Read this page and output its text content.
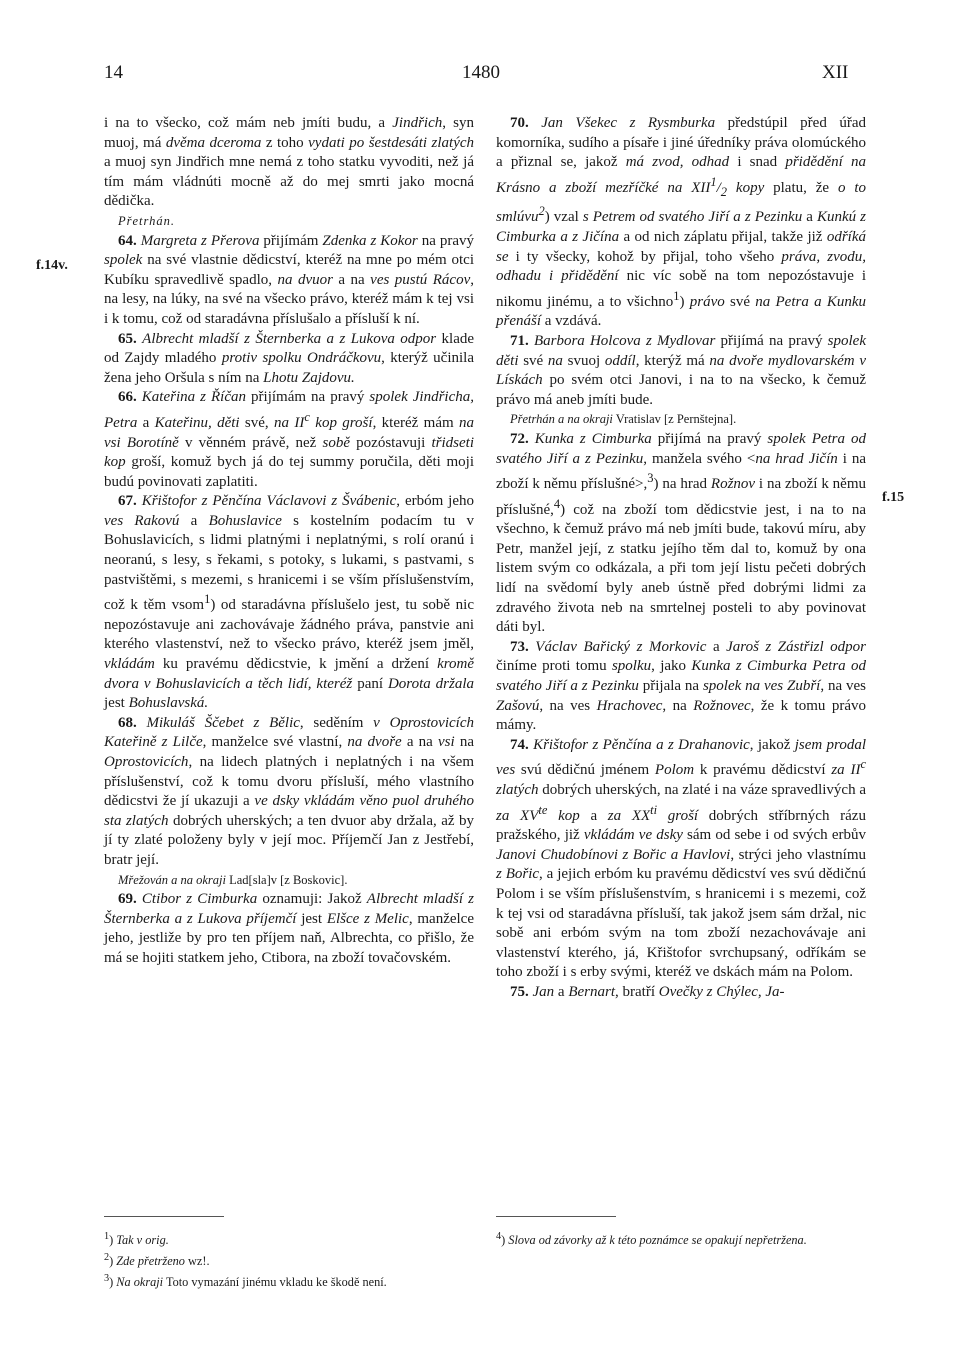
14	1480	XII
f.14v.
f.15

i na to všecko, což mám neb jmíti budu, a Jindřich, syn muoj, má dvěma dceroma z toho vydati po šestdesáti zlatých a muoj syn Jindřich mne nemá z toho statku vyvoditi, než já tím mám vládnúti mocně až do mej smrti jako mocná dědička.

Přetrhán.

64. Margreta z Přerova přijímám Zdenka z Kokor na pravý spolek na své vlastnie dědicství, kteréž na mne po mém otci Kubíku spravedlivě spadlo, na dvuor a na ves pustú Rácov, na lesy, na lúky, na své na všecko právo, kteréž mám k tej vsi i k tomu, což od staradávna příslušalo a přísluší k ní.

65. Albrecht mladší z Šternberka a z Lukova odpor klade od Zajdy mladého protiv spolku Ondráčkovu, kterýž učinila žena jeho Oršula s ním na Lhotu Zajdovu.

66. Kateřina z Říčan přijímám na pravý spolek Jindřicha, Petra a Kateřinu, děti své, na $II^c$ kop groší, kteréž mám na vsi Borotíně v věnném právě, než sobě pozóstavuji třidseti kop groší, komuž bych já do tej summy poručila, děti moji budú povinovati zaplatiti.

67. Křištofor z Pěnčína Václavovi z Švábenic, erbóm jeho ves Rakovú a Bohuslavice s kostelním podacím tu v Bohuslavicích, s lidmi platnými i neplatnými, s rolí oranú i neoranú, s lesy, s řekami, s potoky, s lukami, s pastvami, s pastvištěmi, s mezemi, s hranicemi i se vším příslušenstvím, což k těm vsom$^1$) od staradávna příslušelo jest, tu sobě nic nepozóstavuje ani zachovávaje žádného práva, panstvie ani kterého vlastenství, než to všecko právo, kteréž jsem jměl, vkládám ku pravému dědicstvie, k jmění a držení kromě dvora v Bohuslavicích a těch lidí, kteréž paní Dorota držala jest Bohuslavská.

68. Mikuláš Ščebet z Bělic, seděním v Oprostovicích Kateřině z Lilče, manželce své vlastní, na dvoře a na vsi na Oprostovicích, na lidech platných i neplatných i na všem příslušenství, což k tomu dvoru přísluší, mého vlastního dědicstvi že jí ukazuji a ve dsky vkládám věno puol druhého sta zlatých dobrých uherských; a ten dvuor aby držala, až by jí ty zlaté položeny byly v její moc. Příjemčí Jan z Jestřebí, bratr její.

Mřežován a na okraji Lad[sla]v [z Boskovic].

69. Ctibor z Cimburka oznamuji: Jakož Albrecht mladší z Šternberka a z Lukova příjemčí jest Elšce z Melic, manželce jeho, jestliže by pro ten příjem naň, Albrechta, co přišlo, že má se hojiti statkem jeho, Ctibora, na zboží tovačovském.

70. Jan Všekec z Rysmburka předstúpil před úřad komorníka, sudího a písaře i jiné úředníky práva olomúckého a přiznal se, jakož má zvod, odhad i snad přidědění na Krásno a zboží mezříčké na $XII^1/_2$ kopy platu, že o to smlúvu$^2$) vzal s Petrem od svatého Jiří a z Pezinku a Kunkú z Cimburka a z Jičína a od nich záplatu přijal, takže již odříká se i ty všecky, kohož by přijal, toho všeho práva, zvodu, odhadu i přidědění nic víc sobě na tom nepozóstavuje i nikomu jinému, a to všichno$^1$) právo své na Petra a Kunku přenáší a vzdává.

71. Barbora Holcova z Mydlovar přijímá na pravý spolek děti své na svuoj oddíl, kterýž má na dvoře mydlovarském v Lískách po svém otci Janovi, i na to na všecko, k čemuž právo má aneb jmíti bude.

Přetrhán a na okraji Vratislav [z Pernštejna].

72. Kunka z Cimburka přijímá na pravý spolek Petra od svatého Jiří a z Pezinku, manžela svého <na hrad Jičín i na zboží k němu příslušné>,$^3$) na hrad Rožnov i na zboží k němu příslušné,$^4$) což na zboží tom dědicstvie jest, i na to na všechno, k čemuž právo má neb jmíti bude, takovú míru, aby Petr, manžel její, z statku jejího těm dal to, komuž by ona listem svým co odkázala, a při tom její listu pečeti dobrých lidí na svědomí byly aneb ústně před dobrými lidmi za zdravého života neb na smrtelnej posteli to aby povinovat dáti byl.

73. Václav Bařický z Morkovic a Jaroš z Zástřizl odpor činíme proti tomu spolku, jako Kunka z Cimburka Petra od svatého Jiří a z Pezinku přijala na spolek na ves Zubří, na ves Zašovú, na ves Hrachovec, na Rožnovec, že k tomu právo mámy.

74. Křištofor z Pěnčína a z Drahanovic, jakož jsem prodal ves svú dědičnú jménem Polom k pravému dědicství za $II^c$ zlatých dobrých uherských, na zlaté i na váze spravedlivých a za $XV^{te}$ kop a za $XX^{ti}$ groší dobrých stříbrných rázu pražského, již vkládám ve dsky sám od sebe i od svých erbův Janovi Chudobínovi z Bořic a Havlovi, strýci jeho vlastnímu z Bořic, a jejich erbóm ku pravému dědicství ves svú dědičnú Polom i se vším příslušenstvím, s hranicemi i s mezemi, což k tej vsi od staradávna přísluší, tak jakož jsem sám držal, nic sobě ani erbóm svým na tom zboží nezachovávaje ani vlastenství kterého, já, Křištofor svrchupsaný, odříkám se toho zboží i s erby svými, kteréž ve dskách mám na Polom.

75. Jan a Bernart, bratří Ovečky z Chýlec, Ja-

$^1$) Tak v orig.
$^2$) Zde přetrženo wz!.
$^3$) Na okraji Toto vymazání jinému vkladu ke škodě není.
$^4$) Slova od závorky až k této poznámce se opakují nepřetržena.
